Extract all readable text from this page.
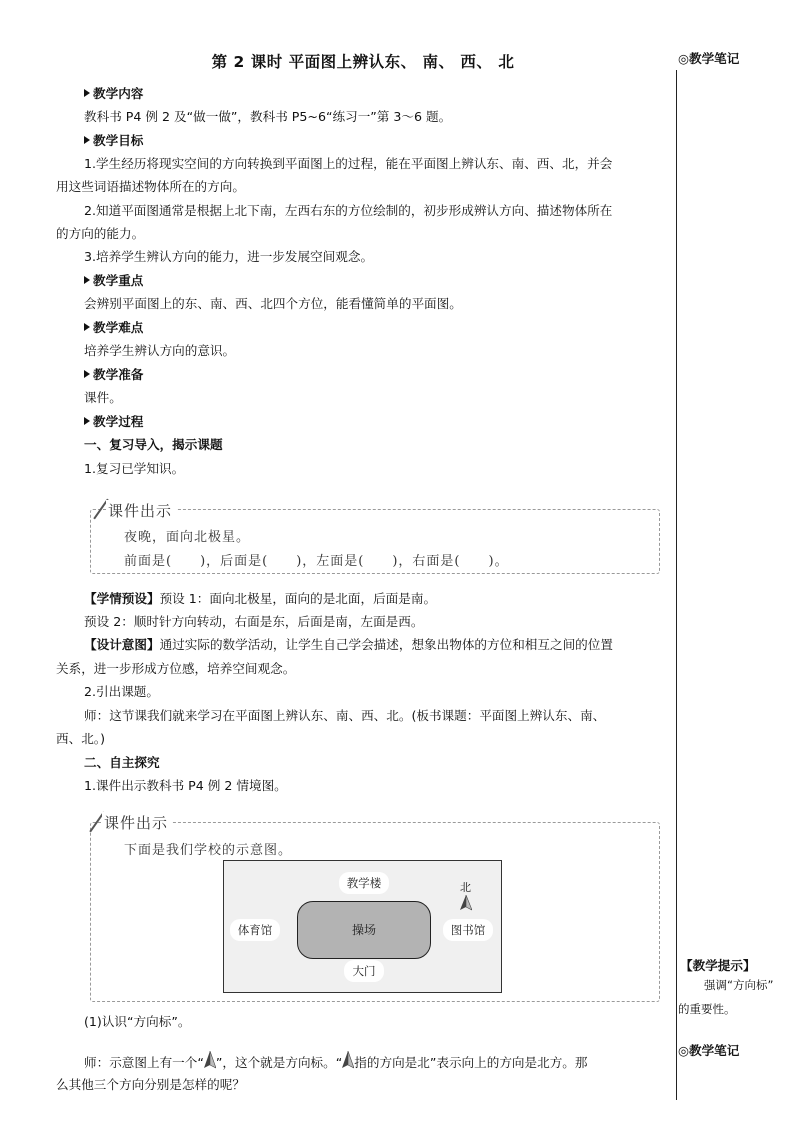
第 2 课时 平面图上辨认东、 南、 西、 北	◎教学笔记
【教学提示】
强调“方向标”
的重要性。
◎教学笔记
教学内容
教科书 P4 例 2 及“做一做”，教科书 P5~6“练习一”第 3～6 题。
教学目标
1.学生经历将现实空间的方向转换到平面图上的过程，能在平面图上辨认东、南、西、北，并会
用这些词语描述物体所在的方向。
2.知道平面图通常是根据上北下南，左西右东的方位绘制的，初步形成辨认方向、描述物体所在
的方向的能力。
3.培养学生辨认方向的能力，进一步发展空间观念。
教学重点
会辨别平面图上的东、南、西、北四个方位，能看懂简单的平面图。
教学难点
培养学生辨认方向的意识。
教学准备
课件。
教学过程
一、复习导入，揭示课题
1.复习已学知识。
课件出示
夜晚，面向北极星。
前面是(　　)，后面是(　　)，左面是(　　)，右面是(　　)。
【学情预设】预设 1：面向北极星，面向的是北面，后面是南。
预设 2：顺时针方向转动，右面是东，后面是南，左面是西。
【设计意图】通过实际的数学活动，让学生自己学会描述，想象出物体的方位和相互之间的位置
关系，进一步形成方位感，培养空间观念。
2.引出课题。
师：这节课我们就来学习在平面图上辨认东、南、西、北。(板书课题：平面图上辨认东、南、
西、北。)
二、自主探究
1.课件出示教科书 P4 例 2 情境图。
课件出示
下面是我们学校的示意图。
教学楼
体育馆	操场	图书馆
大门
北
(1)认识“方向标”。
师：示意图上有一个“ ”，这个就是方向标。“ 指的方向是北”表示向上的方向是北方。那
么其他三个方向分别是怎样的呢？
